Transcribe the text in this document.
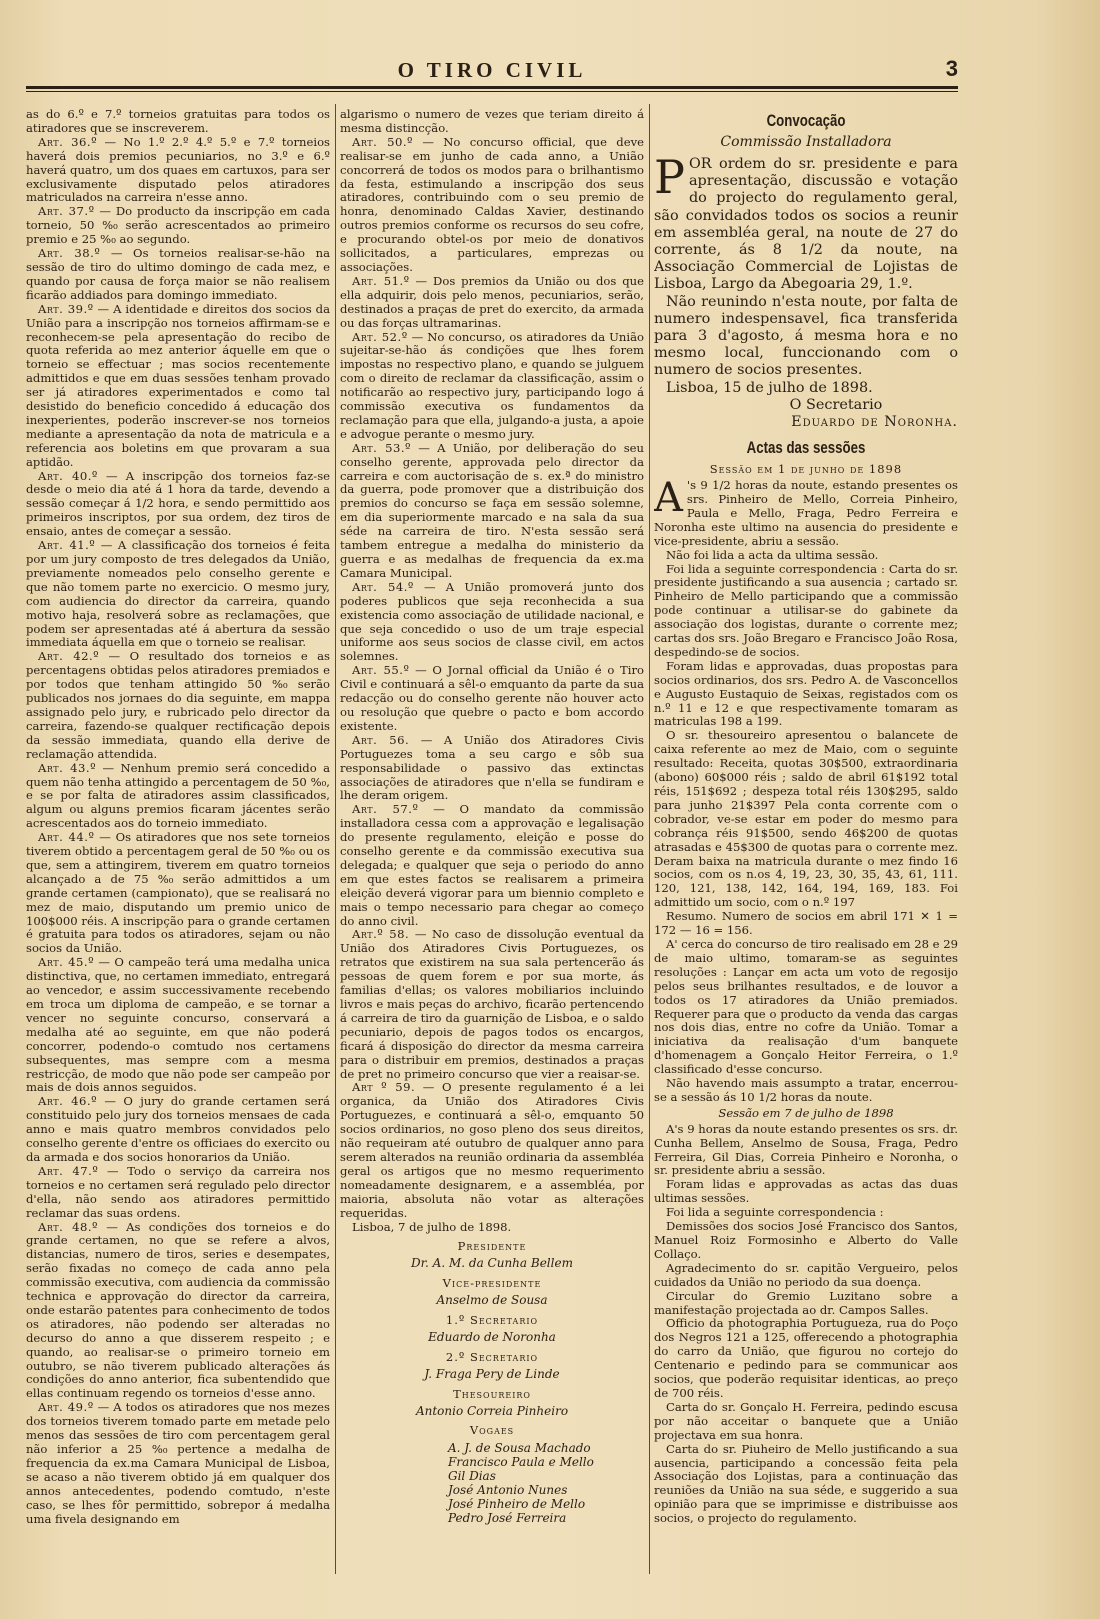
O TIRO CIVIL	3

as do 6.º e 7.º torneios gratuitas para todos os atiradores que se inscreverem.

Art. 36.º — No 1.º 2.º 4.º 5.º e 7.º torneios haverá dois premios pecuniarios, no 3.º e 6.º haverá quatro, um dos quaes em cartuxos, para ser exclusivamente disputado pelos atiradores matriculados na carreira n'esse anno.

Art. 37.º — Do producto da inscripção em cada torneio, 50 %₀ serão acrescentados ao primeiro premio e 25 %₀ ao segundo.

Art. 38.º — Os torneios realisar-se-hão na sessão de tiro do ultimo domingo de cada mez, e quando por causa de força maior se não realisem ficarão addiados para domingo immediato.

Art. 39.º — A identidade e direitos dos socios da União para a inscripção nos torneios affirmam-se e reconhecem-se pela apresentação do recibo de quota referida ao mez anterior áquelle em que o torneio se effectuar ; mas socios recentemente admittidos e que em duas sessões tenham provado ser já atiradores experimentados e como tal desistido do beneficio concedido á educação dos inexperientes, poderão inscrever-se nos torneios mediante a apresentação da nota de matricula e a referencia aos boletins em que provaram a sua aptidão.

Art. 40.º — A inscripção dos torneios faz-se desde o meio dia até á 1 hora da tarde, devendo a sessão começar á 1/2 hora, e sendo permittido aos primeiros inscriptos, por sua ordem, dez tiros de ensaio, antes de começar a sessão.

Art. 41.º — A classificação dos torneios é feita por um jury composto de tres delegados da União, previamente nomeados pelo conselho gerente e que não tomem parte no exercicio. O mesmo jury, com audiencia do director da carreira, quando motivo haja, resolverá sobre as reclamações, que podem ser apresentadas até á abertura da sessão immediata áquella em que o torneio se realisar.

Art. 42.º — O resultado dos torneios e as percentagens obtidas pelos atiradores premiados e por todos que tenham attingido 50 %₀ serão publicados nos jornaes do dia seguinte, em mappa assignado pelo jury, e rubricado pelo director da carreira, fazendo-se qualquer rectificação depois da sessão immediata, quando ella derive de reclamação attendida.

Art. 43.º — Nenhum premio será concedido a quem não tenha attingido a percentagem de 50 %₀, e se por falta de atiradores assim classificados, algum ou alguns premios ficaram jácentes serão acrescentados aos do torneio immediato.

Art. 44.º — Os atiradores que nos sete torneios tiverem obtido a percentagem geral de 50 %₀ ou os que, sem a attingirem, tiverem em quatro torneios alcançado a de 75 %₀ serão admittidos a um grande certamen (campionato), que se realisará no mez de maio, disputando um premio unico de 100$000 réis. A inscripção para o grande certamen é gratuita para todos os atiradores, sejam ou não socios da União.

Art. 45.º — O campeão terá uma medalha unica distinctiva, que, no certamen immediato, entregará ao vencedor, e assim successivamente recebendo em troca um diploma de campeão, e se tornar a vencer no seguinte concurso, conservará a medalha até ao seguinte, em que não poderá concorrer, podendo-o comtudo nos certamens subsequentes, mas sempre com a mesma restricção, de modo que não pode ser campeão por mais de dois annos seguidos.

Art. 46.º — O jury do grande certamen será constituido pelo jury dos torneios mensaes de cada anno e mais quatro membros convidados pelo conselho gerente d'entre os officiaes do exercito ou da armada e dos socios honorarios da União.

Art. 47.º — Todo o serviço da carreira nos torneios e no certamen será regulado pelo director d'ella, não sendo aos atiradores permittido reclamar das suas ordens.

Art. 48.º — As condições dos torneios e do grande certamen, no que se refere a alvos, distancias, numero de tiros, series e desempates, serão fixadas no começo de cada anno pela commissão executiva, com audiencia da commissão technica e approvação do director da carreira, onde estarão patentes para conhecimento de todos os atiradores, não podendo ser alteradas no decurso do anno a que disserem respeito ; e quando, ao realisar-se o primeiro torneio em outubro, se não tiverem publicado alterações ás condições do anno anterior, fica subentendido que ellas continuam regendo os torneios d'esse anno.

Art. 49.º — A todos os atiradores que nos mezes dos torneios tiverem tomado parte em metade pelo menos das sessões de tiro com percentagem geral não inferior a 25 %₀ pertence a medalha de frequencia da ex.ma Camara Municipal de Lisboa, se acaso a não tiverem obtido já em qualquer dos annos antecedentes, podendo comtudo, n'este caso, se lhes fôr permittido, sobrepor á medalha uma fivela designando em

algarismo o numero de vezes que teriam direito á mesma distincção.

Art. 50.º — No concurso official, que deve realisar-se em junho de cada anno, a União concorrerá de todos os modos para o brilhantismo da festa, estimulando a inscripção dos seus atiradores, contribuindo com o seu premio de honra, denominado Caldas Xavier, destinando outros premios conforme os recursos do seu cofre, e procurando obtel-os por meio de donativos sollicitados, a particulares, emprezas ou associações.

Art. 51.º — Dos premios da União ou dos que ella adquirir, dois pelo menos, pecuniarios, serão, destinados a praças de pret do exercito, da armada ou das forças ultramarinas.

Art. 52.º — No concurso, os atiradores da União sujeitar-se-hão ás condições que lhes forem impostas no respectivo plano, e quando se julguem com o direito de reclamar da classificação, assim o notificarão ao respectivo jury, participando logo á commissão executiva os fundamentos da reclamação para que ella, julgando-a justa, a apoie e advogue perante o mesmo jury.

Art. 53.º — A União, por deliberação do seu conselho gerente, approvada pelo director da carreira e com auctorisação de s. ex.ª do ministro da guerra, pode promover que a distribuição dos premios do concurso se faça em sessão solemne, em dia superiormente marcado e na sala da sua séde na carreira de tiro. N'esta sessão será tambem entregue a medalha do ministerio da guerra e as medalhas de frequencia da ex.ma Camara Municipal.

Art. 54.º — A União promoverá junto dos poderes publicos que seja reconhecida a sua existencia como associação de utilidade nacional, e que seja concedido o uso de um traje especial uniforme aos seus socios de classe civil, em actos solemnes.

Art. 55.º — O Jornal official da União é o Tiro Civil e continuará a sêl-o emquanto da parte da sua redacção ou do conselho gerente não houver acto ou resolução que quebre o pacto e bom accordo existente.

Art. 56. — A União dos Atiradores Civis Portuguezes toma a seu cargo e sôb sua responsabilidade o passivo das extinctas associações de atiradores que n'ella se fundiram e lhe deram origem.

Art. 57.º — O mandato da commissão installadora cessa com a approvação e legalisação do presente regulamento, eleição e posse do conselho gerente e da commissão executiva sua delegada; e qualquer que seja o periodo do anno em que estes factos se realisarem a primeira eleição deverá vigorar para um biennio completo e mais o tempo necessario para chegar ao começo do anno civil.

Art.º 58. — No caso de dissolução eventual da União dos Atiradores Civis Portuguezes, os retratos que existirem na sua sala pertencerão ás pessoas de quem forem e por sua morte, ás familias d'ellas; os valores mobiliarios incluindo livros e mais peças do archivo, ficarão pertencendo á carreira de tiro da guarnição de Lisboa, e o saldo pecuniario, depois de pagos todos os encargos, ficará á disposição do director da mesma carreira para o distribuir em premios, destinados a praças de pret no primeiro concurso que vier a reaisar-se.

Art º 59. — O presente regulamento é a lei organica, da União dos Atiradores Civis Portuguezes, e continuará a sêl-o, emquanto 50 socios ordinarios, no goso pleno dos seus direitos, não requeiram até outubro de qualquer anno para serem alterados na reunião ordinaria da assembléa geral os artigos que no mesmo requerimento nomeadamente designarem, e a assembléa, por maioria, absoluta não votar as alterações requeridas.

Lisboa, 7 de julho de 1898.

Presidente
Dr. A. M. da Cunha Bellem
Vice-presidente
Anselmo de Sousa
1.º Secretario
Eduardo de Noronha
2.º Secretario
J. Fraga Pery de Linde
Thesoureiro
Antonio Correia Pinheiro
Vogaes
A. J. de Sousa Machado
Francisco Paula e Mello
Gil Dias
José Antonio Nunes
José Pinheiro de Mello
Pedro José Ferreira
Convocação
Commissão Installadora

POR ordem do sr. presidente e para apresentação, discussão e votação do projecto do regulamento geral, são convidados todos os socios a reunir em assembléa geral, na noute de 27 do corrente, ás 8 1/2 da noute, na Associação Commercial de Lojistas de Lisboa, Largo da Abegoaria 29, 1.º.

Não reunindo n'esta noute, por falta de numero indespensavel, fica transferida para 3 d'agosto, á mesma hora e no mesmo local, funccionando com o numero de socios presentes.

Lisboa, 15 de julho de 1898.

O Secretario

Eduardo de Noronha.

Actas das sessões
Sessão em 1 de junho de 1898

A 's 9 1/2 horas da noute, estando presentes os srs. Pinheiro de Mello, Correia Pinheiro, Paula e Mello, Fraga, Pedro Ferreira e Noronha este ultimo na ausencia do presidente e vice-presidente, abriu a sessão.

Não foi lida a acta da ultima sessão.

Foi lida a seguinte correspondencia : Carta do sr. presidente justificando a sua ausencia ; cartado sr. Pinheiro de Mello participando que a commissão pode continuar a utilisar-se do gabinete da associação dos logistas, durante o corrente mez; cartas dos srs. João Bregaro e Francisco João Rosa, despedindo-se de socios.

Foram lidas e approvadas, duas propostas para socios ordinarios, dos srs. Pedro A. de Vasconcellos e Augusto Eustaquio de Seixas, registados com os n.º 11 e 12 e que respectivamente tomaram as matriculas 198 a 199.

O sr. thesoureiro apresentou o balancete de caixa referente ao mez de Maio, com o seguinte resultado: Receita, quotas 30$500, extraordinaria (abono) 60$000 réis ; saldo de abril 61$192 total réis, 151$692 ; despeza total réis 130$295, saldo para junho 21$397 Pela conta corrente com o cobrador, ve-se estar em poder do mesmo para cobrança réis 91$500, sendo 46$200 de quotas atrasadas e 45$300 de quotas para o corrente mez. Deram baixa na matricula durante o mez findo 16 socios, com os n.os 4, 19, 23, 30, 35, 43, 61, 111. 120, 121, 138, 142, 164, 194, 169, 183. Foi admittido um socio, com o n.º 197

Resumo. Numero de socios em abril 171 ✕ 1 = 172 — 16 = 156.

A' cerca do concurso de tiro realisado em 28 e 29 de maio ultimo, tomaram-se as seguintes resoluções : Lançar em acta um voto de regosijo pelos seus brilhantes resultados, e de louvor a todos os 17 atiradores da União premiados. Requerer para que o producto da venda das cargas nos dois dias, entre no cofre da União. Tomar a iniciativa da realisação d'um banquete d'homenagem a Gonçalo Heitor Ferreira, o 1.º classificado d'esse concurso.

Não havendo mais assumpto a tratar, encerrou-se a sessão ás 10 1/2 horas da noute.

Sessão em 7 de julho de 1898

A's 9 horas da noute estando presentes os srs. dr. Cunha Bellem, Anselmo de Sousa, Fraga, Pedro Ferreira, Gil Dias, Correia Pinheiro e Noronha, o sr. presidente abriu a sessão.

Foram lidas e approvadas as actas das duas ultimas sessões.

Foi lida a seguinte correspondencia :

Demissões dos socios José Francisco dos Santos, Manuel Roiz Formosinho e Alberto do Valle Collaço.

Agradecimento do sr. capitão Vergueiro, pelos cuidados da União no periodo da sua doença.

Circular do Gremio Luzitano sobre a manifestação projectada ao dr. Campos Salles.

Officio da photographia Portugueza, rua do Poço dos Negros 121 a 125, offerecendo a photographia do carro da União, que figurou no cortejo do Centenario e pedindo para se communicar aos socios, que poderão requisitar identicas, ao preço de 700 réis.

Carta do sr. Gonçalo H. Ferreira, pedindo escusa por não acceitar o banquete que a União projectava em sua honra.

Carta do sr. Piuheiro de Mello justificando a sua ausencia, participando a concessão feita pela Associação dos Lojistas, para a continuação das reuniões da União na sua séde, e suggerido a sua opinião para que se imprimisse e distribuisse aos socios, o projecto do regulamento.
